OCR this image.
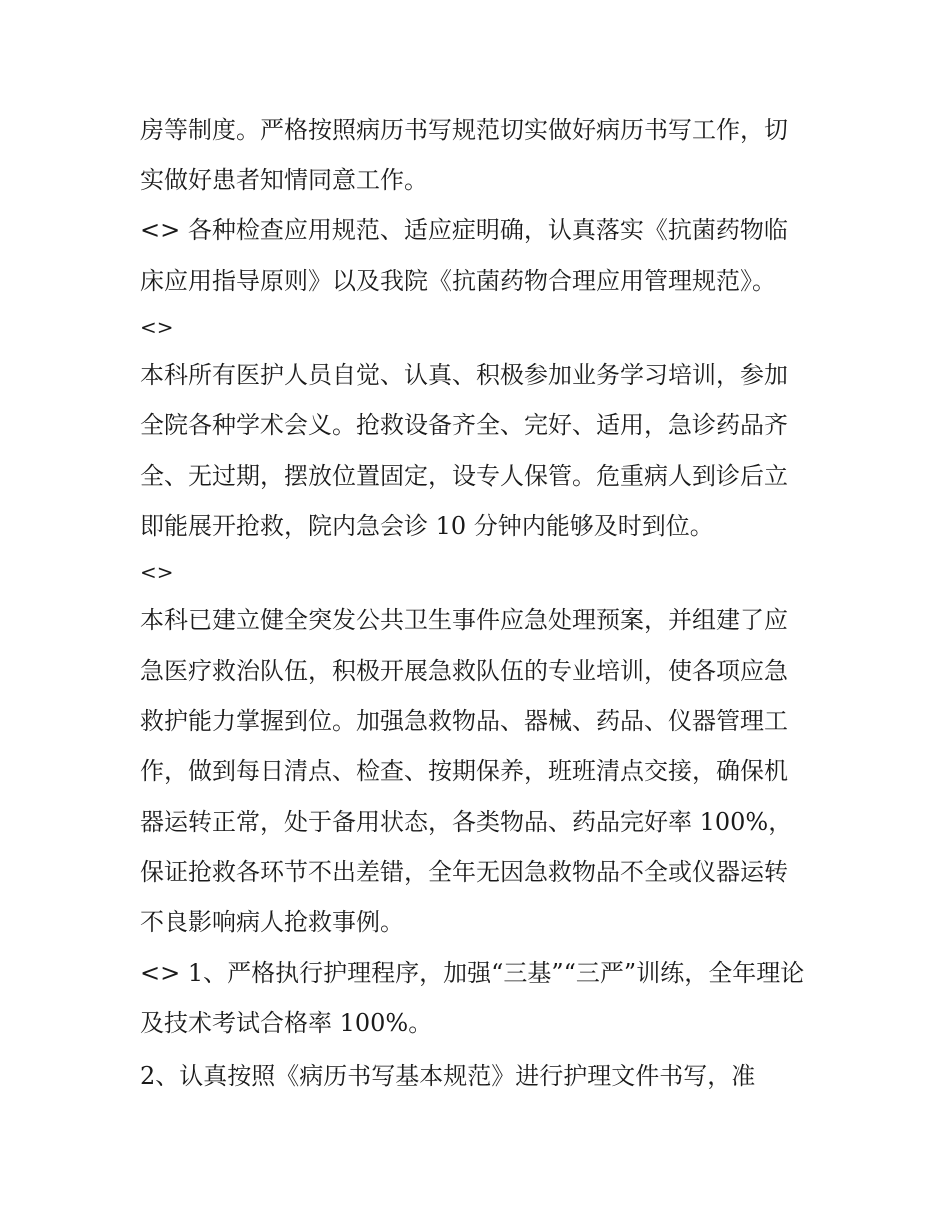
房等制度。严格按照病历书写规范切实做好病历书写工作，切
实做好患者知情同意工作。
<> 各种检查应用规范、适应症明确，认真落实《抗菌药物临
床应用指导原则》以及我院《抗菌药物合理应用管理规范》。
<>
本科所有医护人员自觉、认真、积极参加业务学习培训，参加
全院各种学术会义。抢救设备齐全、完好、适用，急诊药品齐
全、无过期，摆放位置固定，设专人保管。危重病人到诊后立
即能展开抢救，院内急会诊 10 分钟内能够及时到位。
<>
本科已建立健全突发公共卫生事件应急处理预案，并组建了应
急医疗救治队伍，积极开展急救队伍的专业培训，使各项应急
救护能力掌握到位。加强急救物品、器械、药品、仪器管理工
作，做到每日清点、检查、按期保养，班班清点交接，确保机
器运转正常，处于备用状态，各类物品、药品完好率 100%，
保证抢救各环节不出差错，全年无因急救物品不全或仪器运转
不良影响病人抢救事例。
<> 1、严格执行护理程序，加强“三基”“三严”训练，全年理论
及技术考试合格率 100%。
2、认真按照《病历书写基本规范》进行护理文件书写，准
